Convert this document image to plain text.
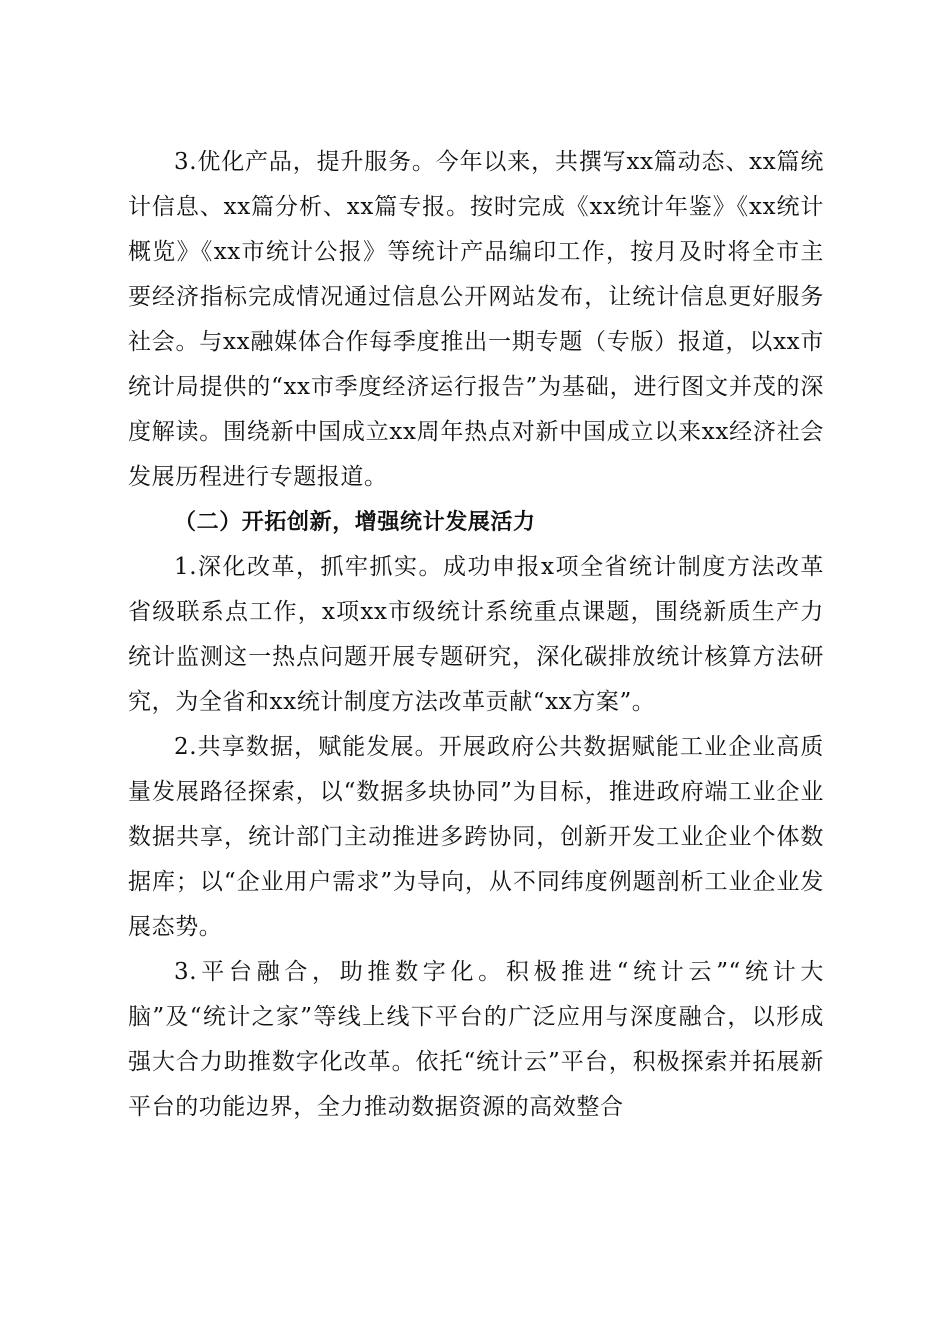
3.优化产品，提升服务。今年以来，共撰写xx篇动态、xx篇统计信息、xx篇分析、xx篇专报。按时完成《xx统计年鉴》《xx统计概览》《xx市统计公报》等统计产品编印工作，按月及时将全市主要经济指标完成情况通过信息公开网站发布，让统计信息更好服务社会。与xx融媒体合作每季度推出一期专题（专版）报道，以xx市统计局提供的“xx市季度经济运行报告”为基础，进行图文并茂的深度解读。围绕新中国成立xx周年热点对新中国成立以来xx经济社会发展历程进行专题报道。

（二）开拓创新，增强统计发展活力

1.深化改革，抓牢抓实。成功申报x项全省统计制度方法改革省级联系点工作，x项xx市级统计系统重点课题，围绕新质生产力统计监测这一热点问题开展专题研究，深化碳排放统计核算方法研究，为全省和xx统计制度方法改革贡献“xx方案”。

2.共享数据，赋能发展。开展政府公共数据赋能工业企业高质量发展路径探索，以“数据多块协同”为目标，推进政府端工业企业数据共享，统计部门主动推进多跨协同，创新开发工业企业个体数据库；以“企业用户需求”为导向，从不同纬度例题剖析工业企业发展态势。

3.平台融合，助推数字化。积极推进“统计云”“统计大脑”及“统计之家”等线上线下平台的广泛应用与深度融合，以形成强大合力助推数字化改革。依托“统计云”平台，积极探索并拓展新平台的功能边界，全力推动数据资源的高效整合
